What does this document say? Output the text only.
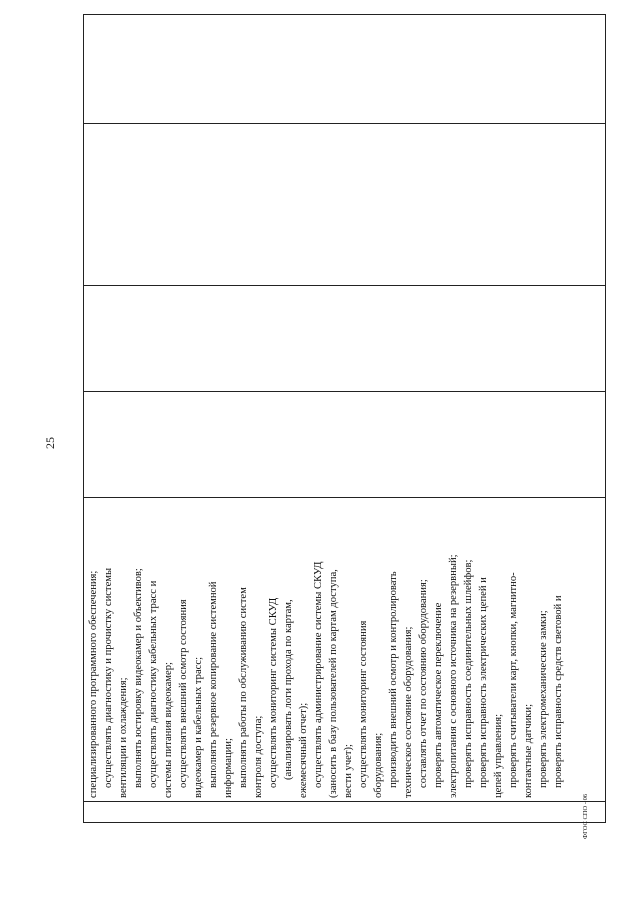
25
специализированного программного обеспечения; осуществлять диагностику и прочистку системы вентиляции и охлаждения; выполнять юстировку видеокамер и объективов; осуществлять диагностику кабельных трасс и системы питания видеокамер; осуществлять внешний осмотр состояния видеокамер и кабельных трасс; выполнять резервное копирование системной информации; выполнять работы по обслуживанию систем контроля доступа; осуществлять мониторинг системы СКУД (анализировать логи прохода по картам, ежемесячный отчет); осуществлять администрирование системы СКУД (заносить в базу пользователей по картам доступа, вести учет); осуществлять мониторинг состояния оборудования; производить внешний осмотр и контролировать техническое состояние оборудования; составлять отчет по состоянию оборудования; проверять автоматическое переключение электропитания с основного источника на резервный; проверять исправность соединительных шлейфов; проверять исправность электрических цепей и цепей управления; проверять считыватели карт, кнопки, магнитно- контактные датчики; проверять электромеханические замки; проверять исправность средств световой и
ФГОС СПО - 06
